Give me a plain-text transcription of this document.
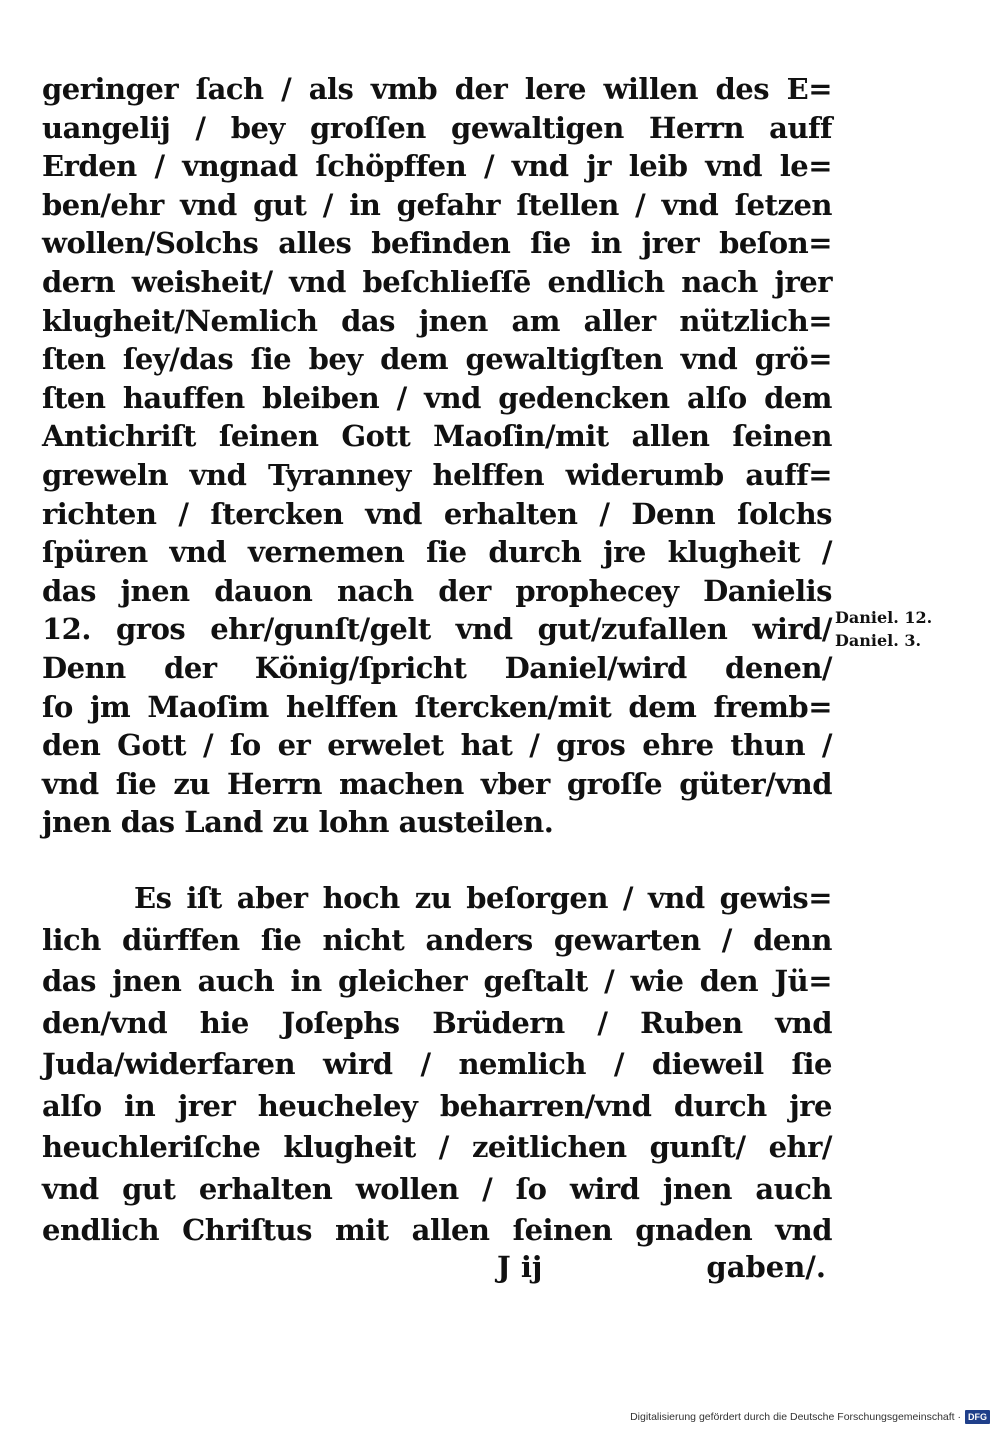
geringer ſach / als vmb der lere willen des E=
uangelij / bey groſſen gewaltigen Herrn auff
Erden / vngnad ſchöpffen / vnd jr leib vnd le=
ben/ehr vnd gut / in gefahr ſtellen / vnd ſetzen
wollen/Solchs alles befinden ſie in jrer beſon=
dern weisheit/ vnd beſchlieſſē endlich nach jrer
klugheit/Nemlich das jnen am aller nützlich=
ſten ſey/das ſie bey dem gewaltigſten vnd grö=
ſten hauffen bleiben / vnd gedencken alſo dem
Antichriſt ſeinen Gott Maoſin/mit allen ſeinen
greweln vnd Tyranney helffen widerumb auff=
richten / ſtercken vnd erhalten / Denn ſolchs
ſpüren vnd vernemen ſie durch jre klugheit /
das jnen dauon nach der prophecey Danielis
12. gros ehr/gunſt/gelt vnd gut/zufallen wird/
Denn der König/ſpricht Daniel/wird denen/
ſo jm Maoſim helffen ſtercken/mit dem fremb=
den Gott / ſo er erwelet hat / gros ehre thun /
vnd ſie zu Herrn machen vber groſſe güter/vnd
jnen das Land zu lohn austeilen.
Daniel. 12.
Daniel. 3.
Es iſt aber hoch zu beſorgen / vnd gewis=
lich dürffen ſie nicht anders gewarten / denn
das jnen auch in gleicher geſtalt / wie den Jü=
den/vnd hie Joſephs Brüdern / Ruben vnd
Juda/widerfaren wird / nemlich / dieweil ſie
alſo in jrer heucheley beharren/vnd durch jre
heuchleriſche klugheit / zeitlichen gunſt/ ehr/
vnd gut erhalten wollen / ſo wird jnen auch
endlich Chriſtus mit allen ſeinen gnaden vnd
J ij	gaben/.
Digitalisierung gefördert durch die Deutsche Forschungsgemeinschaft · DFG
